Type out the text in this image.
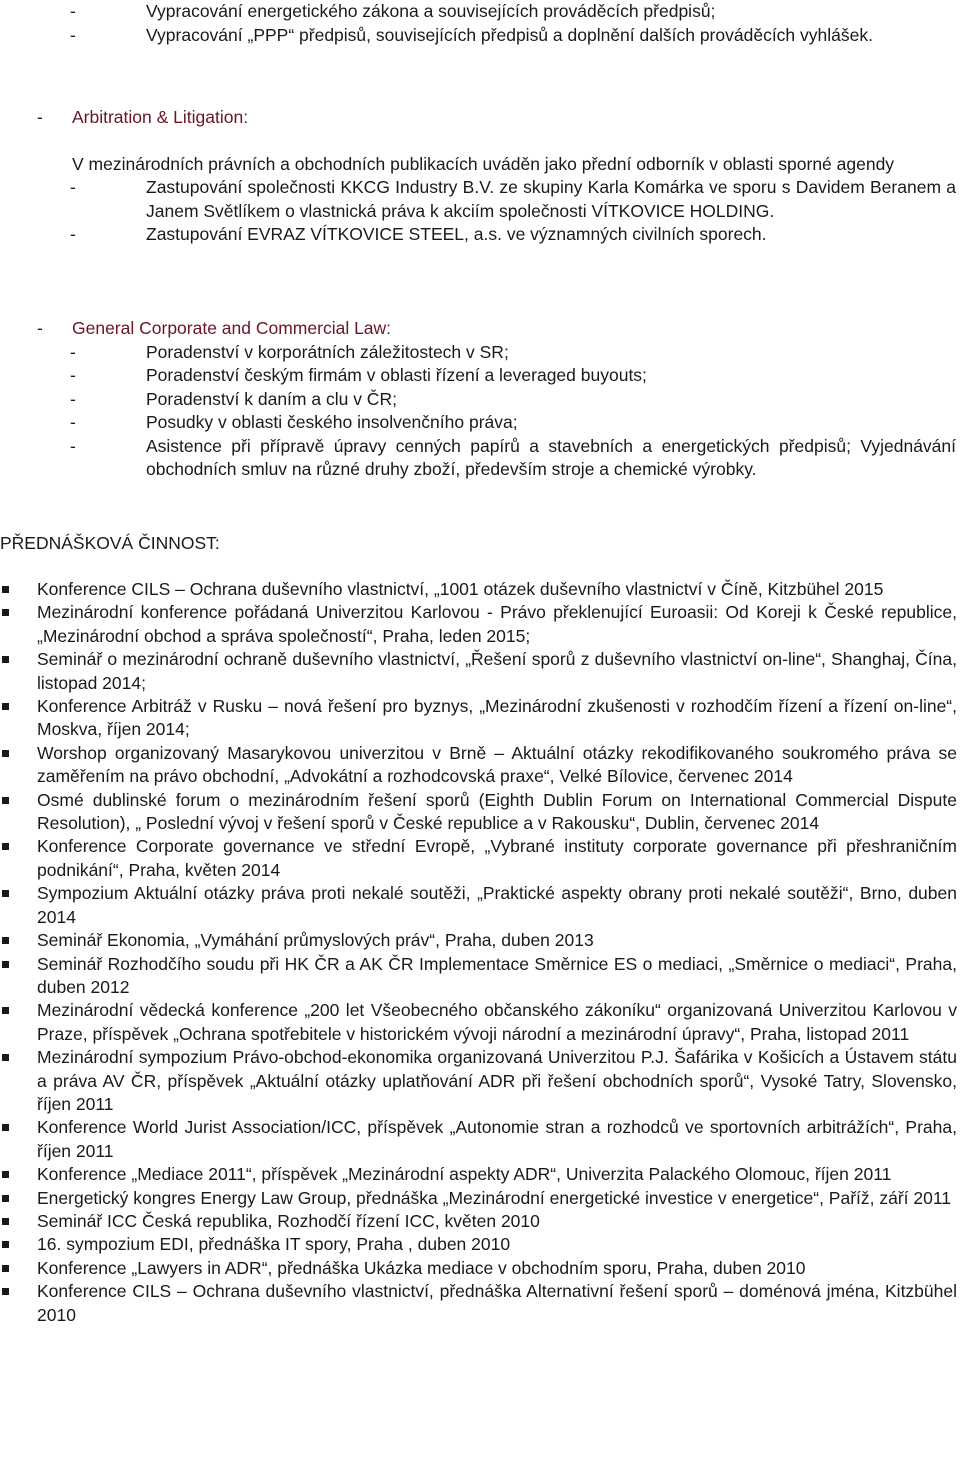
-	Vypracování energetického zákona a souvisejících prováděcích předpisů;
-	Vypracování „PPP“ předpisů, souvisejících předpisů a doplnění dalších prováděcích vyhlášek.
- Arbitration & Litigation:
V mezinárodních právních a obchodních publikacích uváděn jako přední odborník v oblasti sporné agendy
-	Zastupování společnosti KKCG Industry B.V. ze skupiny Karla Komárka ve sporu s Davidem Beranem a Janem Světlíkem o vlastnická práva k akciím společnosti VÍTKOVICE HOLDING.
-	Zastupování EVRAZ VÍTKOVICE STEEL, a.s. ve významných civilních sporech.
- General Corporate and Commercial Law:
-	Poradenství v korporátních záležitostech v SR;
-	Poradenství českým firmám v oblasti řízení a leveraged buyouts;
-	Poradenství k daním a clu v ČR;
-	Posudky v oblasti českého insolvenčního práva;
-	Asistence při přípravě úpravy cenných papírů a stavebních a energetických předpisů; Vyjednávání obchodních smluv na různé druhy zboží, především stroje a chemické výrobky.
PŘEDNÁŠKOVÁ ČINNOST:
Konference CILS – Ochrana duševního vlastnictví, „1001 otázek duševního vlastnictví v Číně, Kitzbühel 2015
Mezinárodní konference pořádaná Univerzitou Karlovou - Právo překlenující Euroasii: Od Koreji k České republice, „Mezinárodní obchod a správa společností“, Praha, leden 2015;
Seminář o mezinárodní ochraně duševního vlastnictví, „Řešení sporů z duševního vlastnictví on-line“, Shanghaj, Čína, listopad 2014;
Konference Arbitráž v Rusku – nová řešení pro byznys, „Mezinárodní zkušenosti v rozhodčím řízení a řízení on-line“, Moskva, říjen 2014;
Worshop organizovaný Masarykovou univerzitou v Brně – Aktuální otázky rekodifikovaného soukromého práva se zaměřením na právo obchodní, „Advokátní a rozhodcovská praxe“, Velké Bílovice, červenec 2014
Osmé dublinské forum o mezinárodním řešení sporů (Eighth Dublin Forum on International Commercial Dispute Resolution), „ Poslední vývoj v řešení sporů v České republice a v Rakousku“, Dublin, červenec 2014
Konference Corporate governance ve střední Evropě, „Vybrané instituty corporate governance při přeshraničním podnikání“, Praha, květen 2014
Sympozium Aktuální otázky práva proti nekalé soutěži, „Praktické aspekty obrany proti nekalé soutěži“, Brno, duben 2014
Seminář Ekonomia, „Vymáhání průmyslových práv“, Praha, duben 2013
Seminář Rozhodčího soudu při HK ČR a AK ČR Implementace Směrnice ES o mediaci, „Směrnice o mediaci“, Praha, duben 2012
Mezinárodní vědecká konference „200 let Všeobecného občanského zákoníku“ organizovaná Univerzitou Karlovou v Praze, příspěvek „Ochrana spotřebitele v historickém vývoji národní a mezinárodní úpravy“, Praha, listopad 2011
Mezinárodní sympozium Právo-obchod-ekonomika organizovaná Univerzitou P.J. Šafárika v Košicích a Ústavem státu a práva AV ČR, příspěvek „Aktuální otázky uplatňování ADR při řešení obchodních sporů“, Vysoké Tatry, Slovensko, říjen 2011
Konference World Jurist Association/ICC, příspěvek „Autonomie stran a rozhodců ve sportovních arbitrážích“, Praha, říjen 2011
Konference „Mediace 2011“, příspěvek „Mezinárodní aspekty ADR“, Univerzita Palackého Olomouc, říjen 2011
Energetický kongres Energy Law Group, přednáška „Mezinárodní energetické investice v energetice“, Paříž, září 2011
Seminář ICC Česká republika, Rozhodčí řízení ICC, květen 2010
16. sympozium EDI, přednáška IT spory, Praha , duben 2010
Konference „Lawyers in ADR“, přednáška Ukázka mediace v obchodním sporu, Praha, duben 2010
Konference CILS – Ochrana duševního vlastnictví, přednáška Alternativní řešení sporů – doménová jména, Kitzbühel 2010
